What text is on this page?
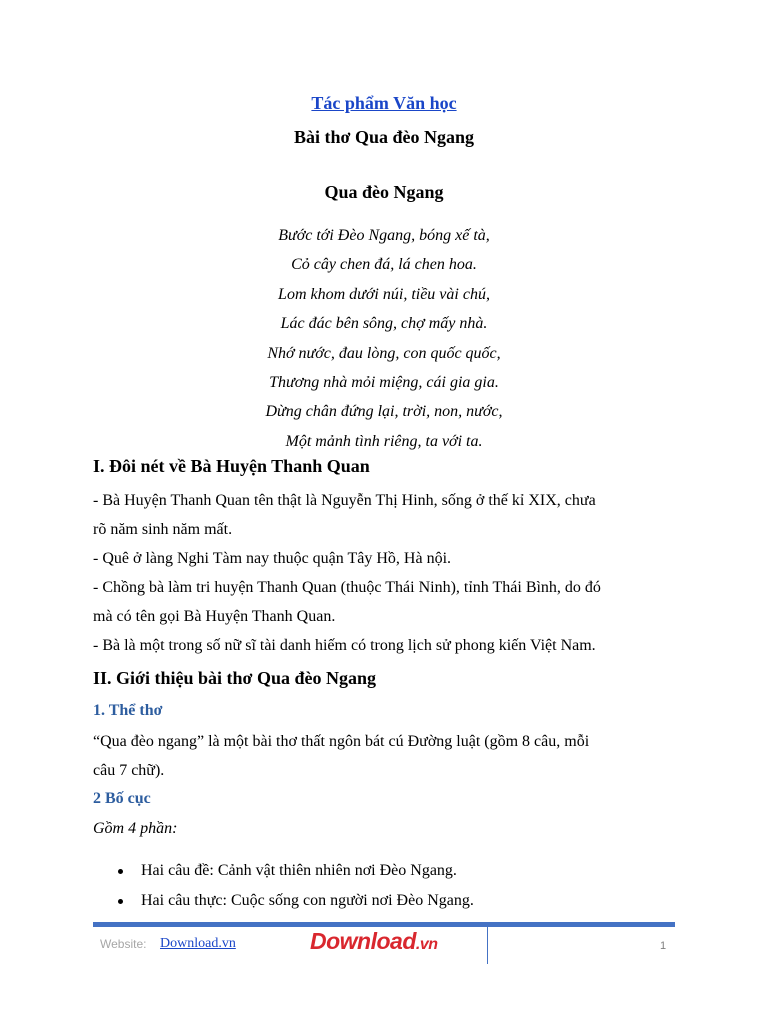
Tác phẩm Văn học
Bài thơ Qua đèo Ngang
Qua đèo Ngang
Bước tới Đèo Ngang, bóng xế tà,
Cỏ cây chen đá, lá chen hoa.
Lom khom dưới núi, tiều vài chú,
Lác đác bên sông, chợ mấy nhà.
Nhớ nước, đau lòng, con quốc quốc,
Thương nhà mỏi miệng, cái gia gia.
Dừng chân đứng lại, trời, non, nước,
Một mảnh tình riêng, ta với ta.
I. Đôi nét về Bà Huyện Thanh Quan
- Bà Huyện Thanh Quan tên thật là Nguyễn Thị Hinh, sống ở thế kỉ XIX, chưa
rõ năm sinh năm mất.
- Quê ở làng Nghi Tàm nay thuộc quận Tây Hồ, Hà nội.
- Chồng bà làm tri huyện Thanh Quan (thuộc Thái Ninh), tỉnh Thái Bình, do đó
mà có tên gọi Bà Huyện Thanh Quan.
- Bà là một trong số nữ sĩ tài danh hiếm có trong lịch sử phong kiến Việt Nam.
II. Giới thiệu bài thơ Qua đèo Ngang
1. Thể thơ
“Qua đèo ngang” là một bài thơ thất ngôn bát cú Đường luật (gồm 8 câu, mỗi
câu 7 chữ).
2 Bố cục
Gồm 4 phần:
Hai câu đề: Cảnh vật thiên nhiên nơi Đèo Ngang.
Hai câu thực: Cuộc sống con người nơi Đèo Ngang.
Website: Download.vn	Download.vn	1
